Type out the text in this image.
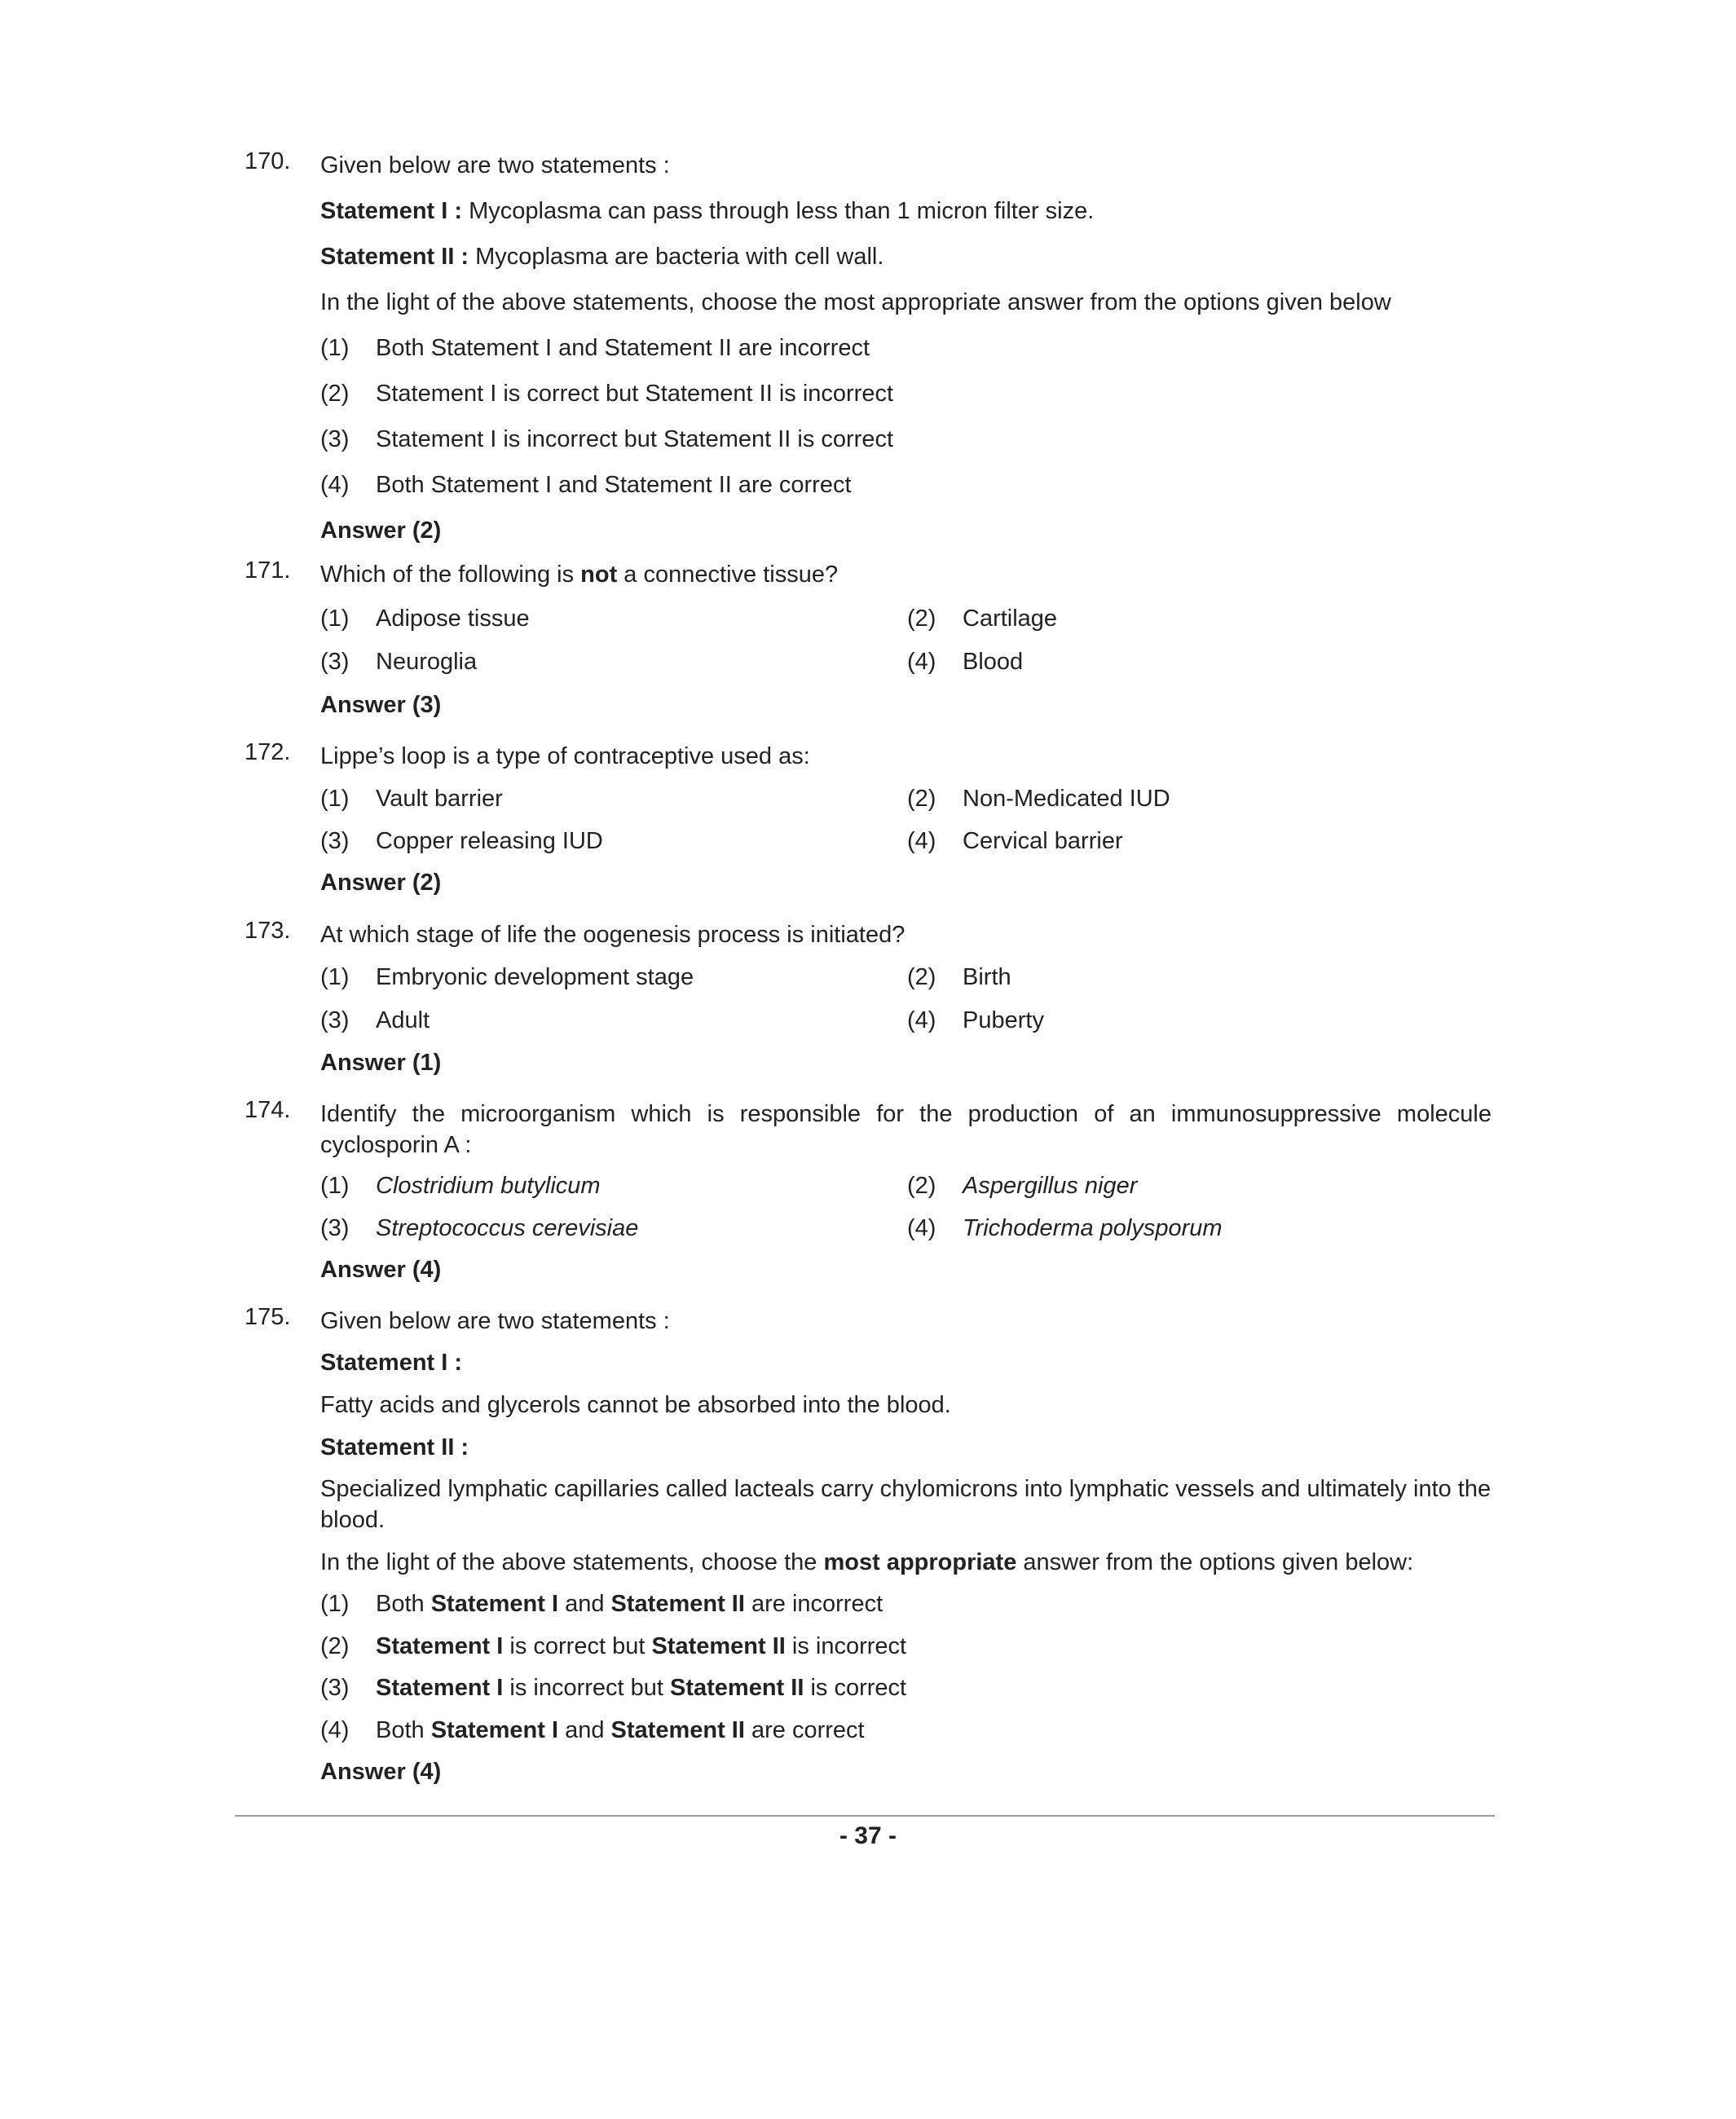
170.	Given below are two statements :
Statement I : Mycoplasma can pass through less than 1 micron filter size.
Statement II : Mycoplasma are bacteria with cell wall.
In the light of the above statements, choose the most appropriate answer from the options given below
(1) Both Statement I and Statement II are incorrect
(2) Statement I is correct but Statement II is incorrect
(3) Statement I is incorrect but Statement II is correct
(4) Both Statement I and Statement II are correct
Answer (2)
171.	Which of the following is not a connective tissue?
(1) Adipose tissue	(2) Cartilage
(3) Neuroglia	(4) Blood
Answer (3)
172.	Lippe’s loop is a type of contraceptive used as:
(1) Vault barrier	(2) Non-Medicated IUD
(3) Copper releasing IUD	(4) Cervical barrier
Answer (2)
173.	At which stage of life the oogenesis process is initiated?
(1) Embryonic development stage	(2) Birth
(3) Adult	(4) Puberty
Answer (1)
174.	Identify the microorganism which is responsible for the production of an immunosuppressive molecule cyclosporin A :
(1) Clostridium butylicum	(2) Aspergillus niger
(3) Streptococcus cerevisiae	(4) Trichoderma polysporum
Answer (4)
175.	Given below are two statements :
Statement I :
Fatty acids and glycerols cannot be absorbed into the blood.
Statement II :
Specialized lymphatic capillaries called lacteals carry chylomicrons into lymphatic vessels and ultimately into the blood.
In the light of the above statements, choose the most appropriate answer from the options given below:
(1) Both Statement I and Statement II are incorrect
(2) Statement I is correct but Statement II is incorrect
(3) Statement I is incorrect but Statement II is correct
(4) Both Statement I and Statement II are correct
Answer (4)
- 37 -
